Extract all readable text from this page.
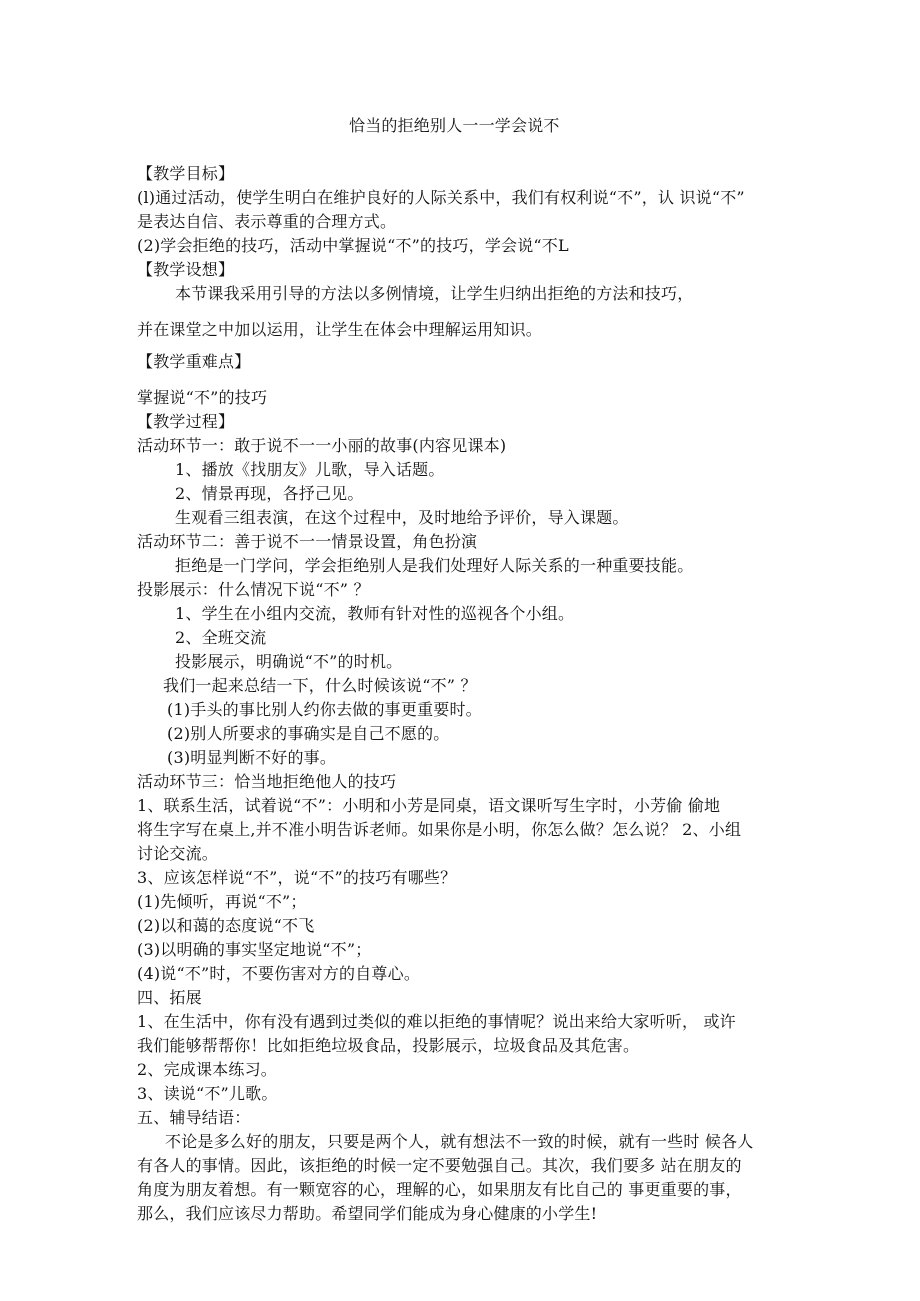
恰当的拒绝别人一一学会说不
【教学目标】
(l)通过活动，使学生明白在维护良好的人际关系中，我们有权利说“不”，认 识说“不”
是表达自信、表示尊重的合理方式。
(2)学会拒绝的技巧，活动中掌握说“不”的技巧，学会说“不L
【教学设想】
本节课我采用引导的方法以多例情境，让学生归纳出拒绝的方法和技巧，
并在课堂之中加以运用，让学生在体会中理解运用知识。
【教学重难点】
掌握说“不”的技巧
【教学过程】
活动环节一：敢于说不一一小丽的故事(内容见课本)
1、播放《找朋友》儿歌，导入话题。
2、情景再现，各抒己见。
生观看三组表演，在这个过程中，及时地给予评价，导入课题。
活动环节二：善于说不一一情景设置，角色扮演
拒绝是一门学问，学会拒绝别人是我们处理好人际关系的一种重要技能。
投影展示：什么情况下说“不” ？
1、学生在小组内交流，教师有针对性的巡视各个小组。
2、全班交流
投影展示，明确说“不”的时机。
我们一起来总结一下，什么时候该说“不” ？
(1)手头的事比别人约你去做的事更重要时。
(2)别人所要求的事确实是自己不愿的。
(3)明显判断不好的事。
活动环节三：恰当地拒绝他人的技巧
1、联系生活，试着说“不”：小明和小芳是同桌，语文课听写生字时，小芳偷 偷地
将生字写在桌上,并不准小明告诉老师。如果你是小明，你怎么做？怎么说？ 2、小组
讨论交流。
3、应该怎样说“不”，说“不”的技巧有哪些？
(1)先倾听，再说“不”；
(2)以和蔼的态度说“不飞
(3)以明确的事实坚定地说“不”；
(4)说“不”时，不要伤害对方的自尊心。
四、拓展
1、在生活中，你有没有遇到过类似的难以拒绝的事情呢？说出来给大家听听， 或许
我们能够帮帮你！比如拒绝垃圾食品，投影展示，垃圾食品及其危害。
2、完成课本练习。
3、读说“不”儿歌。
五、辅导结语：
不论是多么好的朋友，只要是两个人，就有想法不一致的时候，就有一些时 候各人
有各人的事情。因此，该拒绝的时候一定不要勉强自己。其次，我们要多 站在朋友的
角度为朋友着想。有一颗宽容的心，理解的心，如果朋友有比自己的 事更重要的事，
那么，我们应该尽力帮助。希望同学们能成为身心健康的小学生!
